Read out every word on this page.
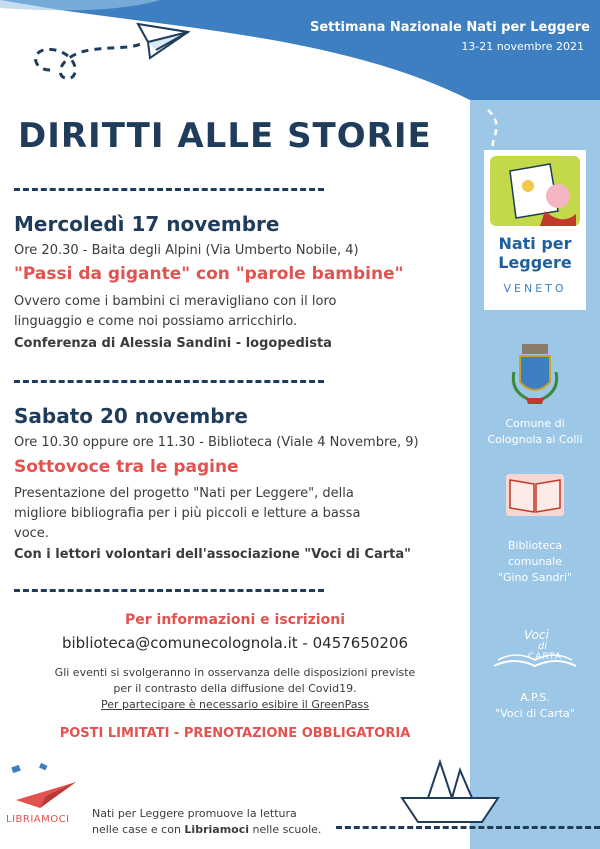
Settimana Nazionale Nati per Leggere
13-21 novembre 2021
DIRITTI ALLE STORIE
Mercoledì 17 novembre
Ore 20.30 - Baita degli Alpini (Via Umberto Nobile, 4)
"Passi da gigante" con "parole bambine"
Ovvero come i bambini ci meravigliano con il loro
linguaggio e come noi possiamo arricchirlo.
Conferenza di Alessia Sandini - logopedista
Sabato 20 novembre
Ore 10.30 oppure ore 11.30 - Biblioteca (Viale 4 Novembre, 9)
Sottovoce tra le pagine
Presentazione del progetto "Nati per Leggere", della
migliore bibliografia per i più piccoli e letture a bassa
voce.
Con i lettori volontari dell'associazione "Voci di Carta"
Per informazioni e iscrizioni
biblioteca@comunecolognola.it - 0457650206
Gli eventi si svolgeranno in osservanza delle disposizioni previste
per il contrasto della diffusione del Covid19.
Per partecipare è necessario esibire il GreenPass
POSTI LIMITATI - PRENOTAZIONE OBBLIGATORIA
Nati per
Leggere
VENETO
Comune di
Colognola ai Colli
Biblioteca
comunale
"Gino Sandri"
Voci
di
CARTA
A.P.S.
"Voci di Carta"
LIBRIAMOCI Nati per Leggere promuove la lettura
nelle case e con Libriamoci nelle scuole.
